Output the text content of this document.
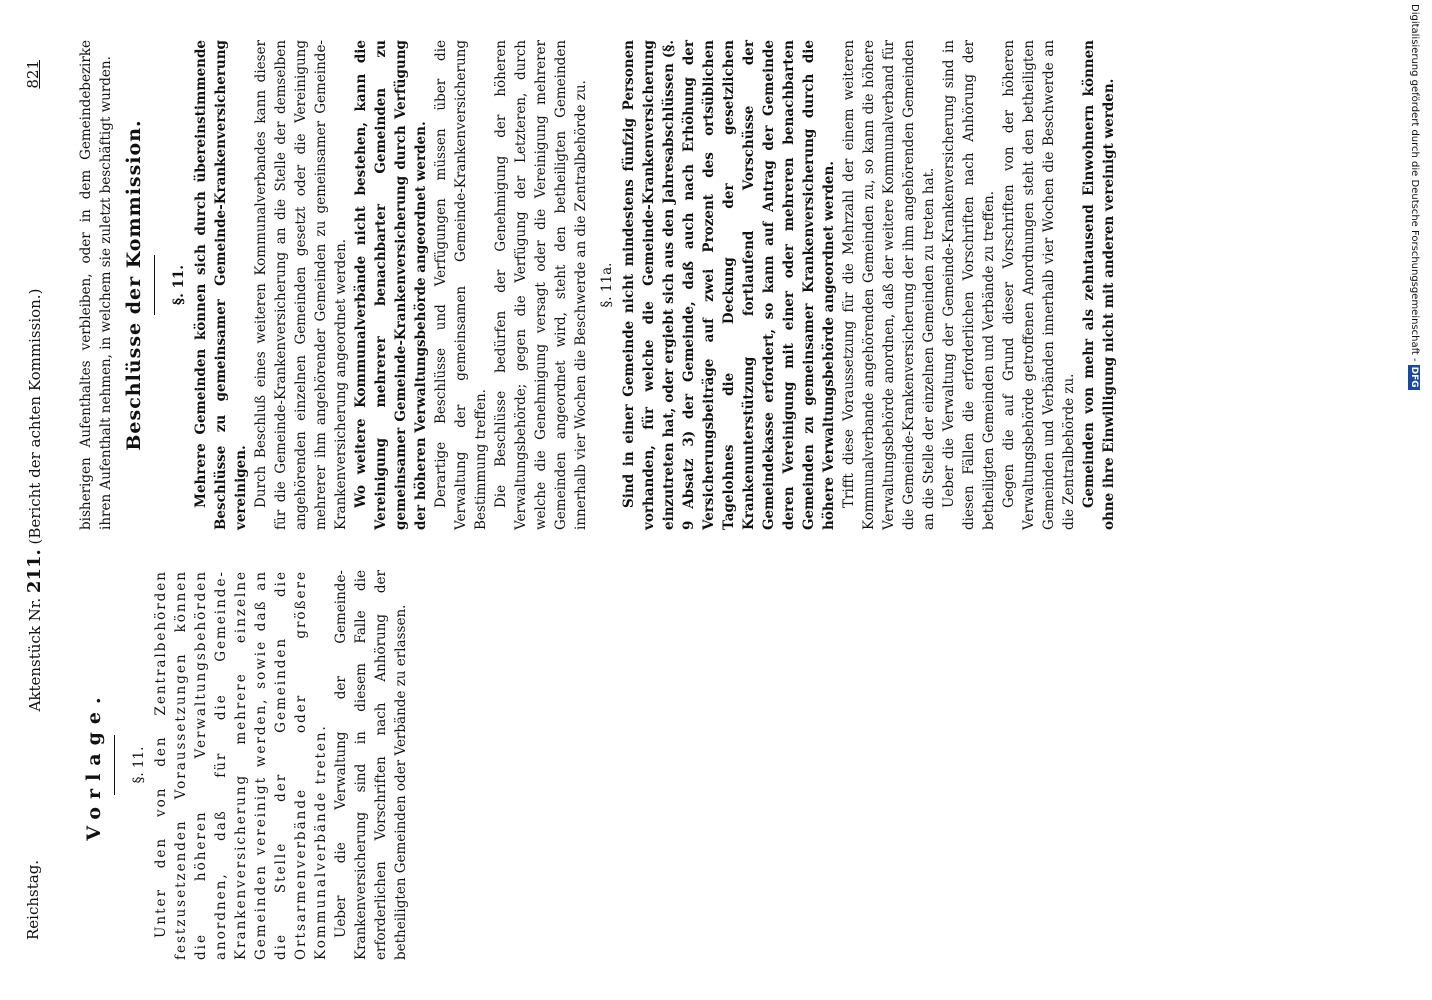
Reichstag.
Aktenstück Nr. 211. (Bericht der achten Kommission.)
821
Vorlage. §. 11. Unter den von den Zentralbehörden festzusetzenden Voraussetzungen können die höheren Verwaltungsbehörden anordnen, daß für die Gemeinde-Krankenversicherung mehrere einzelne Gemeinden vereinigt werden, sowie daß an die Stelle der Gemeinden die Ortsarmenverbände oder größere Kommunalverbände treten. Ueber die Verwaltung der Gemeinde-Krankenversicherung sind in diesem Falle die erforderlichen Vorschriften nach Anhörung der betheiligten Gemeinden oder Verbände zu erlassen.

bisherigen Aufenthaltes verbleiben, oder in dem Gemeindebezirke ihren Aufenthalt nehmen, in welchem sie zuletzt beschäftigt wurden. Beschlüsse der Kommission. §. 11. Mehrere Gemeinden können sich durch übereinstimmende Beschlüsse zu gemeinsamer Gemeinde-Krankenversicherung vereinigen. Durch Beschluß eines weiteren Kommunalverbandes kann dieser für die Gemeinde-Krankenversicherung an die Stelle der demselben angehörenden einzelnen Gemeinden gesetzt oder die Vereinigung mehrerer ihm angehörender Gemeinden zu gemeinsamer Gemeinde-Krankenversicherung angeordnet werden. Wo weitere Kommunalverbände nicht bestehen, kann die Vereinigung mehrerer benachbarter Gemeinden zu gemeinsamer Gemeinde-Krankenversicherung durch Verfügung der höheren Verwaltungsbehörde angeordnet werden. Derartige Beschlüsse und Verfügungen müssen über die Verwaltung der gemeinsamen Gemeinde-Krankenversicherung Bestimmung treffen. Die Beschlüsse bedürfen der Genehmigung der höheren Verwaltungsbehörde; gegen die Verfügung der Letzteren, durch welche die Genehmigung versagt oder die Vereinigung mehrerer Gemeinden angeordnet wird, steht den betheiligten Gemeinden innerhalb vier Wochen die Beschwerde an die Zentralbehörde zu. §. 11a. Sind in einer Gemeinde nicht mindestens fünfzig Personen vorhanden, für welche die Gemeinde-Krankenversicherung einzutreten hat, oder ergiebt sich aus den Jahresabschlüssen (§. 9 Absatz 3) der Gemeinde, daß auch nach Erhöhung der Versicherungsbeiträge auf zwei Prozent des ortsüblichen Tagelohnes die Deckung der gesetzlichen Krankenunterstützung fortlaufend Vorschüsse der Gemeindekasse erfordert, so kann auf Antrag der Gemeinde deren Vereinigung mit einer oder mehreren benachbarten Gemeinden zu gemeinsamer Krankenversicherung durch die höhere Verwaltungsbehörde angeordnet werden. Trifft diese Voraussetzung für die Mehrzahl der einem weiteren Kommunalverbande angehörenden Gemeinden zu, so kann die höhere Verwaltungsbehörde anordnen, daß der weitere Kommunalverband für die Gemeinde-Krankenversicherung der ihm angehörenden Gemeinden an die Stelle der einzelnen Gemeinden zu treten hat. Ueber die Verwaltung der Gemeinde-Krankenversicherung sind in diesen Fällen die erforderlichen Vorschriften nach Anhörung der betheiligten Gemeinden und Verbände zu treffen. Gegen die auf Grund dieser Vorschriften von der höheren Verwaltungsbehörde getroffenen Anordnungen steht den betheiligten Gemeinden und Verbänden innerhalb vier Wochen die Beschwerde an die Zentralbehörde zu. Gemeinden von mehr als zehntausend Einwohnern können ohne ihre Einwilligung nicht mit anderen vereinigt werden.	Digitalisierung gefördert durch die Deutsche Forschungsgemeinschaft -DFG
